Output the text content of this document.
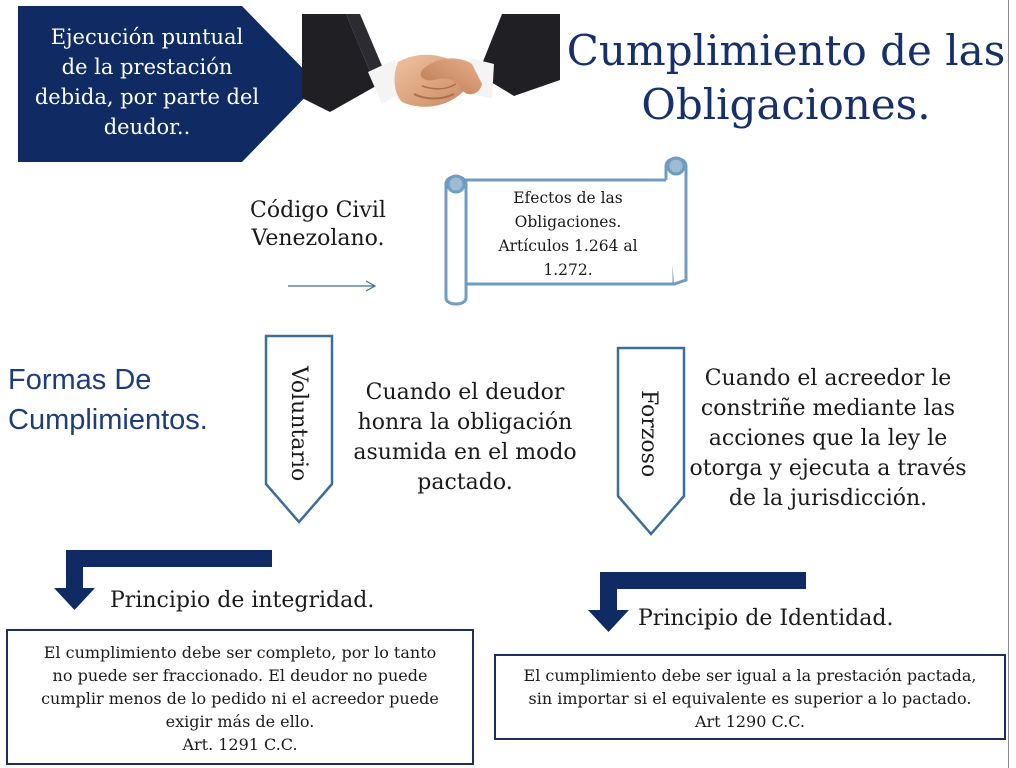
Ejecución puntual
de la prestación
debida, por parte del
deudor..
Cumplimiento de las
Obligaciones.
Código Civil
Venezolano.
Efectos de las
Obligaciones.
Artículos 1.264 al
1.272.
Formas De
Cumplimientos.	Voluntario	Cuando el deudor honra la obligación asumida en el modo pactado.
Forzoso
Cuando el acreedor le constriñe mediante las acciones que la ley le otorga y ejecuta a través de la jurisdicción.
Principio de integridad.
Principio de Identidad.
El cumplimiento debe ser completo, por lo tanto
no puede ser fraccionado. El deudor no puede
cumplir menos de lo pedido ni el acreedor puede
exigir más de ello.
Art. 1291 C.C.
El cumplimiento debe ser igual a la prestación pactada,
sin importar si el equivalente es superior a lo pactado.
Art 1290 C.C.
